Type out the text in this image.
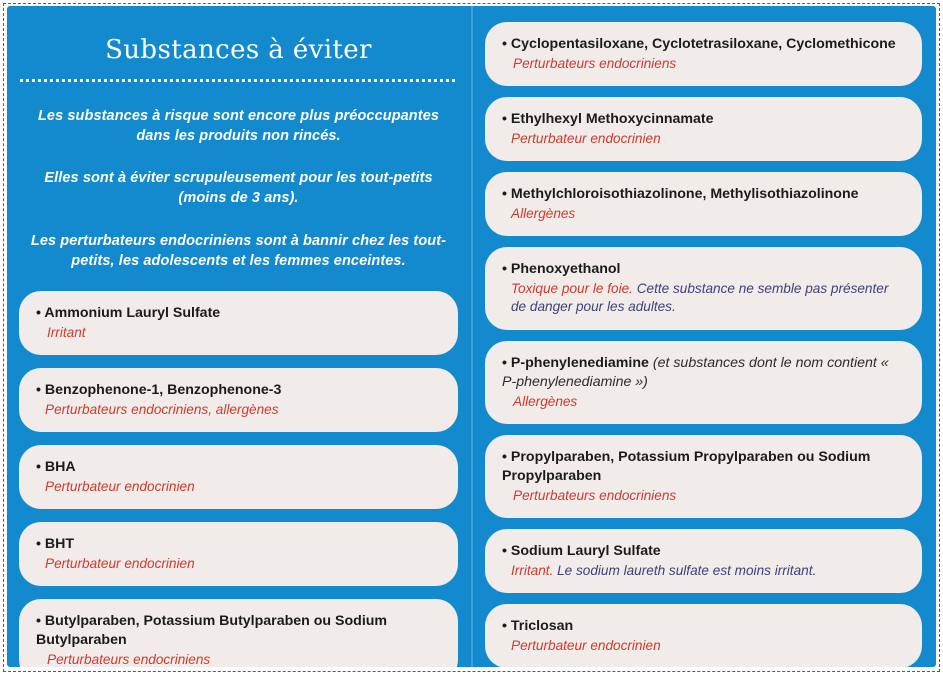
Substances à éviter

Les substances à risque sont encore plus préoccupantes dans les produits non rincés.

Elles sont à éviter scrupuleusement pour les tout-petits (moins de 3 ans).

Les perturbateurs endocriniens sont à bannir chez les tout-petits, les adolescents et les femmes enceintes.

• Ammonium Lauryl Sulfate

Irritant

• Benzophenone-1, Benzophenone-3

Perturbateurs endocriniens, allergènes

• BHA

Perturbateur endocrinien

• BHT

Perturbateur endocrinien

• Butylparaben, Potassium Butylparaben ou Sodium Butylparaben

Perturbateurs endocriniens

• Cyclopentasiloxane, Cyclotetrasiloxane, Cyclomethicone

Perturbateurs endocriniens

• Ethylhexyl Methoxycinnamate

Perturbateur endocrinien

• Methylchloroisothiazolinone, Methylisothiazolinone

Allergènes

• Phenoxyethanol

Toxique pour le foie. Cette substance ne semble pas présenter de danger pour les adultes.

• P-phenylenediamine (et substances dont le nom contient « P-phenylenediamine »)

Allergènes

• Propylparaben, Potassium Propylparaben ou Sodium Propylparaben

Perturbateurs endocriniens

• Sodium Lauryl Sulfate

Irritant. Le sodium laureth sulfate est moins irritant.

• Triclosan

Perturbateur endocrinien
